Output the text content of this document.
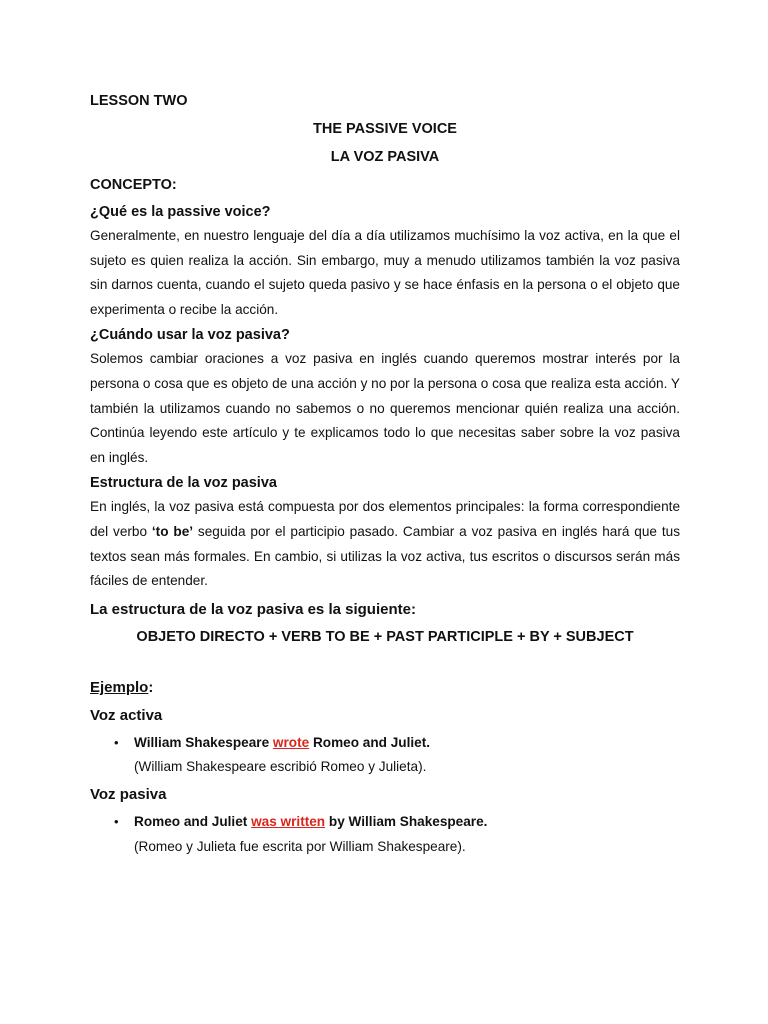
LESSON TWO

THE PASSIVE VOICE

LA VOZ PASIVA

CONCEPTO:

¿Qué es la passive voice?

Generalmente, en nuestro lenguaje del día a día utilizamos muchísimo la voz activa, en la que el sujeto es quien realiza la acción. Sin embargo, muy a menudo utilizamos también la voz pasiva sin darnos cuenta, cuando el sujeto queda pasivo y se hace énfasis en la persona o el objeto que experimenta o recibe la acción.

¿Cuándo usar la voz pasiva?

Solemos cambiar oraciones a voz pasiva en inglés cuando queremos mostrar interés por la persona o cosa que es objeto de una acción y no por la persona o cosa que realiza esta acción. Y también la utilizamos cuando no sabemos o no queremos mencionar quién realiza una acción. Continúa leyendo este artículo y te explicamos todo lo que necesitas saber sobre la voz pasiva en inglés.

Estructura de la voz pasiva

En inglés, la voz pasiva está compuesta por dos elementos principales: la forma correspondiente del verbo ‘to be’ seguida por el participio pasado. Cambiar a voz pasiva en inglés hará que tus textos sean más formales. En cambio, si utilizas la voz activa, tus escritos o discursos serán más fáciles de entender.

La estructura de la voz pasiva es la siguiente:

OBJETO DIRECTO + VERB TO BE + PAST PARTICIPLE + BY + SUBJECT

Ejemplo:

Voz activa

• William Shakespeare wrote Romeo and Juliet.
(William Shakespeare escribió Romeo y Julieta).

Voz pasiva

• Romeo and Juliet was written by William Shakespeare.
(Romeo y Julieta fue escrita por William Shakespeare).
